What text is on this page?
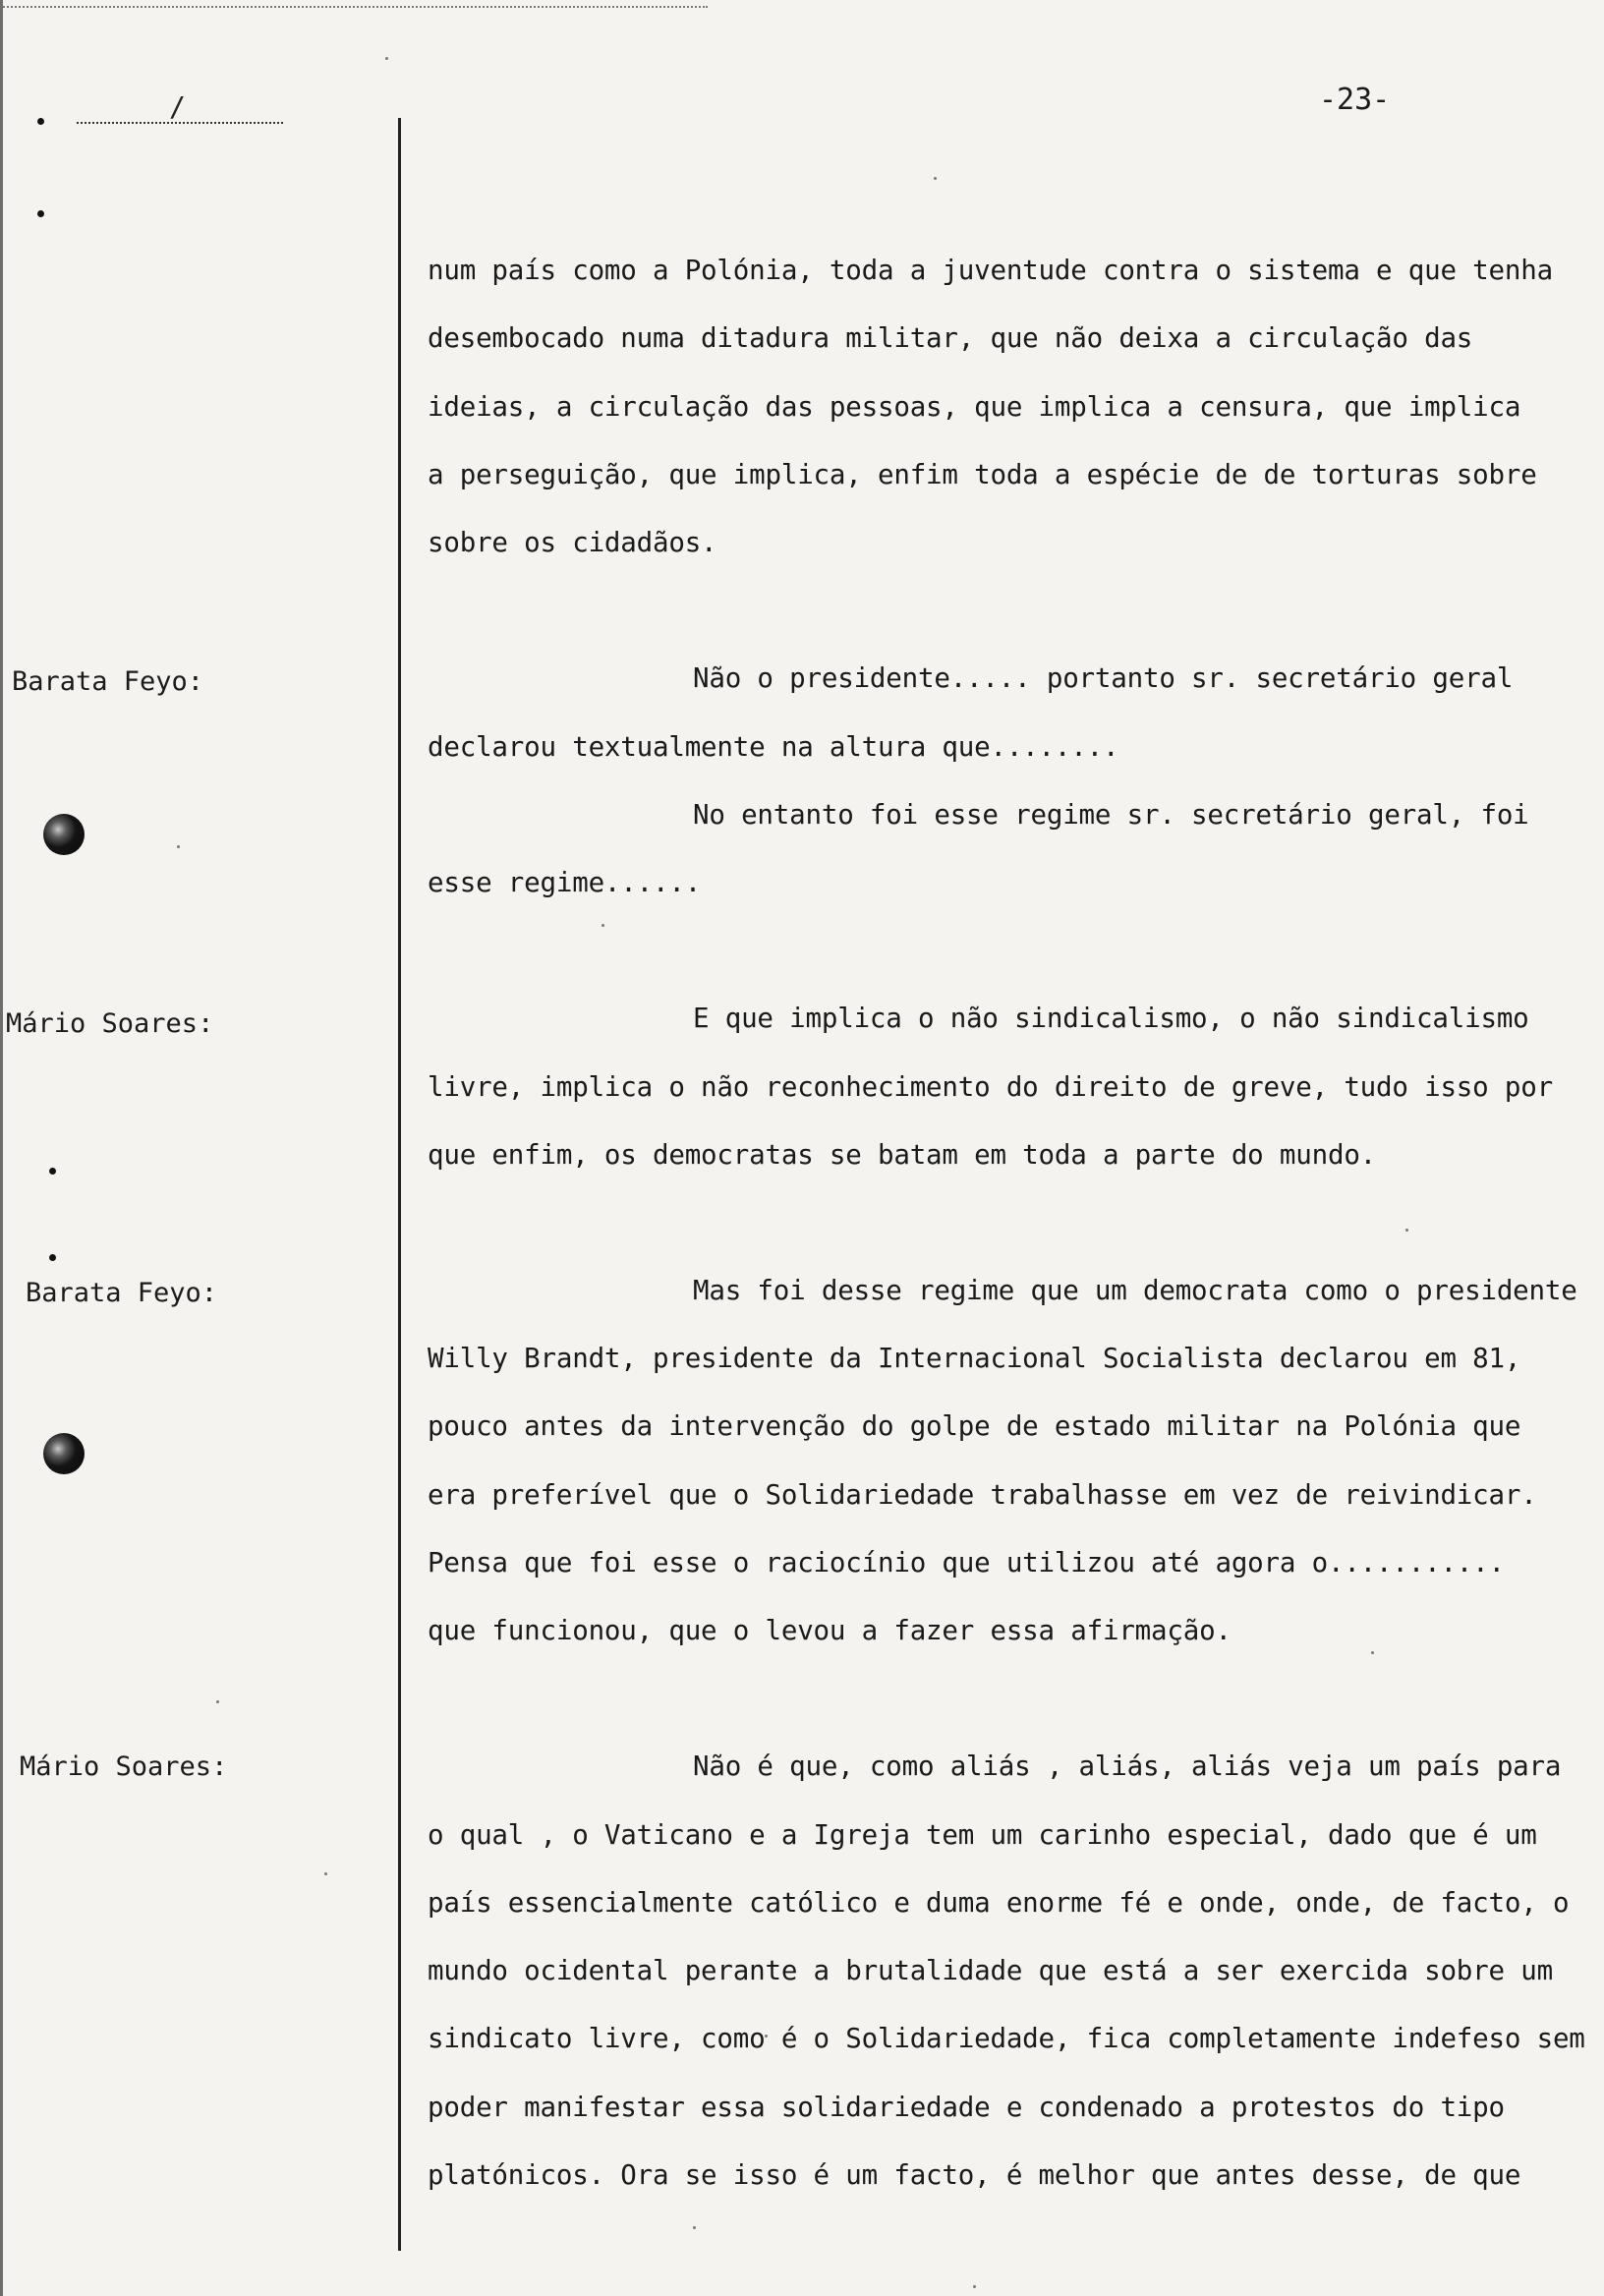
/	-23-
Barata Feyo:
Mário Soares:
Barata Feyo:
Mário Soares:
num país como a Polónia, toda a juventude contra o sistema e que tenha
desembocado numa ditadura militar, que não deixa a circulação das
ideias, a circulação das pessoas, que implica a censura, que implica
a perseguição, que implica, enfim toda a espécie de de torturas sobre
sobre os cidadãos.
Não o presidente..... portanto sr. secretário geral
declarou textualmente na altura que........
No entanto foi esse regime sr. secretário geral, foi
esse regime......
E que implica o não sindicalismo, o não sindicalismo
livre, implica o não reconhecimento do direito de greve, tudo isso por
que enfim, os democratas se batam em toda a parte do mundo.
Mas foi desse regime que um democrata como o presidente
Willy Brandt, presidente da Internacional Socialista declarou em 81,
pouco antes da intervenção do golpe de estado militar na Polónia que
era preferível que o Solidariedade trabalhasse em vez de reivindicar.
Pensa que foi esse o raciocínio que utilizou até agora o...........
que funcionou, que o levou a fazer essa afirmação.
Não é que, como aliás , aliás, aliás veja um país para
o qual , o Vaticano e a Igreja tem um carinho especial, dado que é um
país essencialmente católico e duma enorme fé e onde, onde, de facto, o
mundo ocidental perante a brutalidade que está a ser exercida sobre um
sindicato livre, como é o Solidariedade, fica completamente indefeso sem
poder manifestar essa solidariedade e condenado a protestos do tipo
platónicos. Ora se isso é um facto, é melhor que antes desse, de que
